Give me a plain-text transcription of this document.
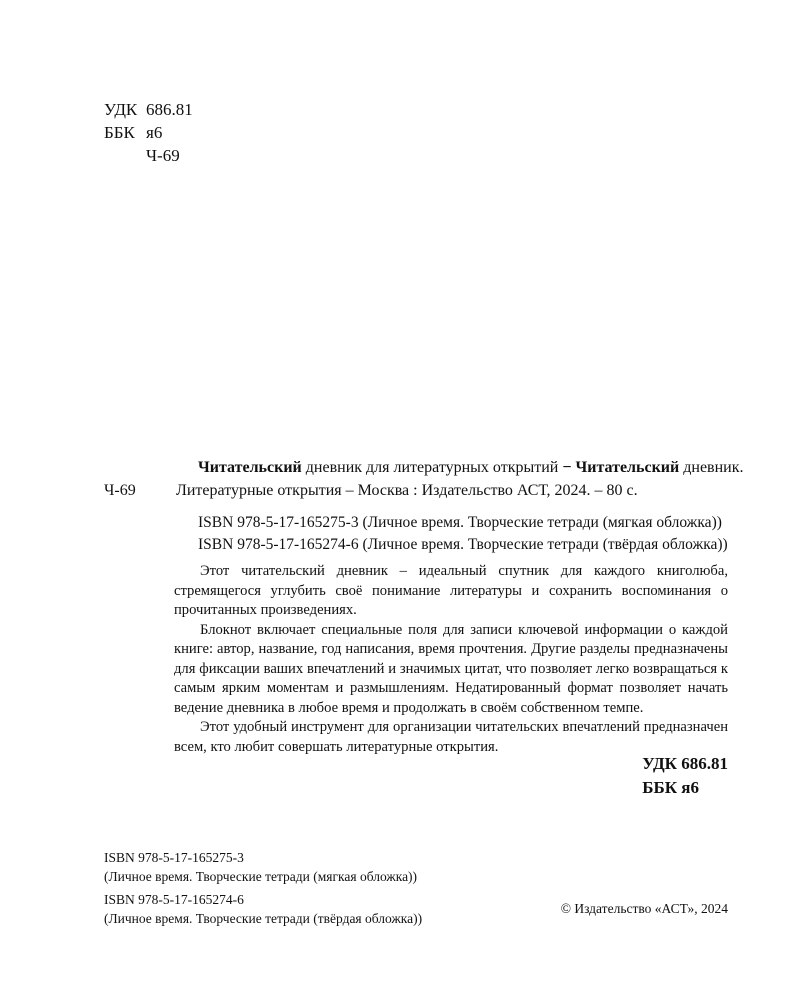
УДК 686.81
ББК я6
Ч-69
Читательский дневник для литературных открытий − Читательский дневник.
Ч-69	Литературные открытия – Москва : Издательство АСТ, 2024. – 80 с.
ISBN 978-5-17-165275-3 (Личное время. Творческие тетради (мягкая обложка))
ISBN 978-5-17-165274-6 (Личное время. Творческие тетради (твёрдая обложка))

Этот читательский дневник – идеальный спутник для каждого книголюба, стремящегося углубить своё понимание литературы и сохранить воспоминания о прочитанных произведениях.

Блокнот включает специальные поля для записи ключевой информации о каждой книге: автор, название, год написания, время прочтения. Другие разделы предназначены для фиксации ваших впечатлений и значимых цитат, что позволяет легко возвращаться к самым ярким моментам и размышлениям. Недатированный формат позволяет начать ведение дневника в любое время и продолжать в своём собственном темпе.

Этот удобный инструмент для организации читательских впечатлений предназначен всем, кто любит совершать литературные открытия.

УДК 686.81
ББК я6
ISBN 978-5-17-165275-3
(Личное время. Творческие тетради (мягкая обложка))
ISBN 978-5-17-165274-6
(Личное время. Творческие тетради (твёрдая обложка))
© Издательство «АСТ», 2024
